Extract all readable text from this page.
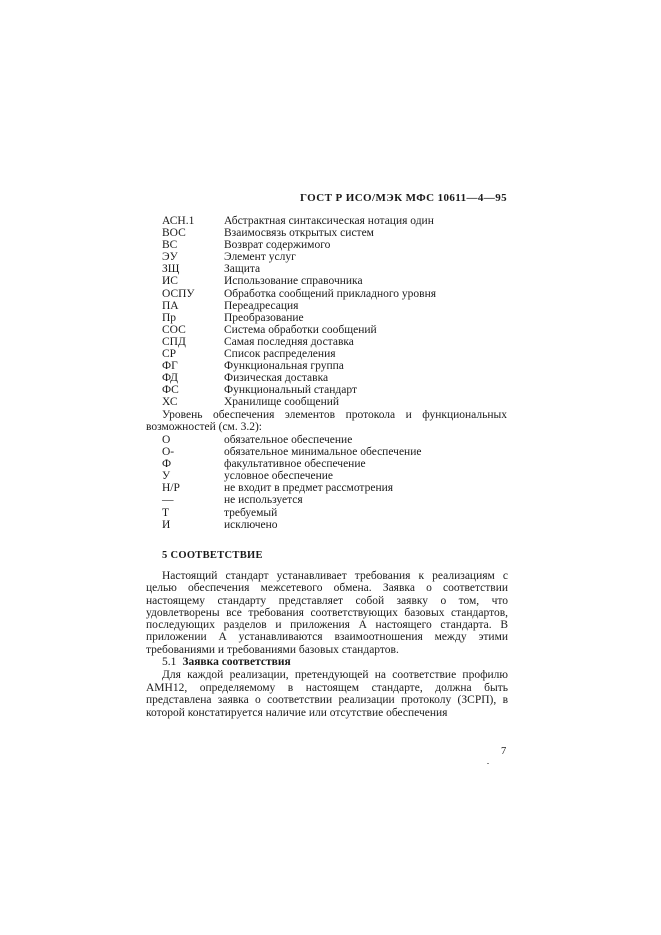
ГОСТ Р ИСО/МЭК МФС 10611—4—95
АСН.1	Абстрактная синтаксическая нотация один
ВОС	Взаимосвязь открытых систем
ВС	Возврат содержимого
ЭУ	Элемент услуг
ЗЩ	Защита
ИС	Использование справочника
ОСПУ	Обработка сообщений прикладного уровня
ПА	Переадресация
Пр	Преобразование
СОС	Система обработки сообщений
СПД	Самая последняя доставка
СР	Список распределения
ФГ	Функциональная группа
ФД	Физическая доставка
ФС	Функциональный стандарт
ХС	Хранилище сообщений
Уровень обеспечения элементов протокола и функциональных возможностей (см. 3.2):
О	обязательное обеспечение
О-	обязательное минимальное обеспечение
Ф	факультативное обеспечение
У	условное обеспечение
Н/Р	не входит в предмет рассмотрения
—	не используется
Т	требуемый
И	исключено
5 СООТВЕТСТВИЕ
Настоящий стандарт устанавливает требования к реализациям с целью обеспечения межсетевого обмена. Заявка о соответствии настоящему стандарту представляет собой заявку о том, что удовлетворены все требования соответствующих базовых стандартов, последующих разделов и приложения А настоящего стандарта. В приложении А устанавливаются взаимоотношения между этими требованиями и требованиями базовых стандартов.
5.1 Заявка соответствия
Для каждой реализации, претендующей на соответствие профилю AMH12, определяемому в настоящем стандарте, должна быть представлена заявка о соответствии реализации протоколу (ЗСРП), в которой констатируется наличие или отсутствие обеспечения
7
